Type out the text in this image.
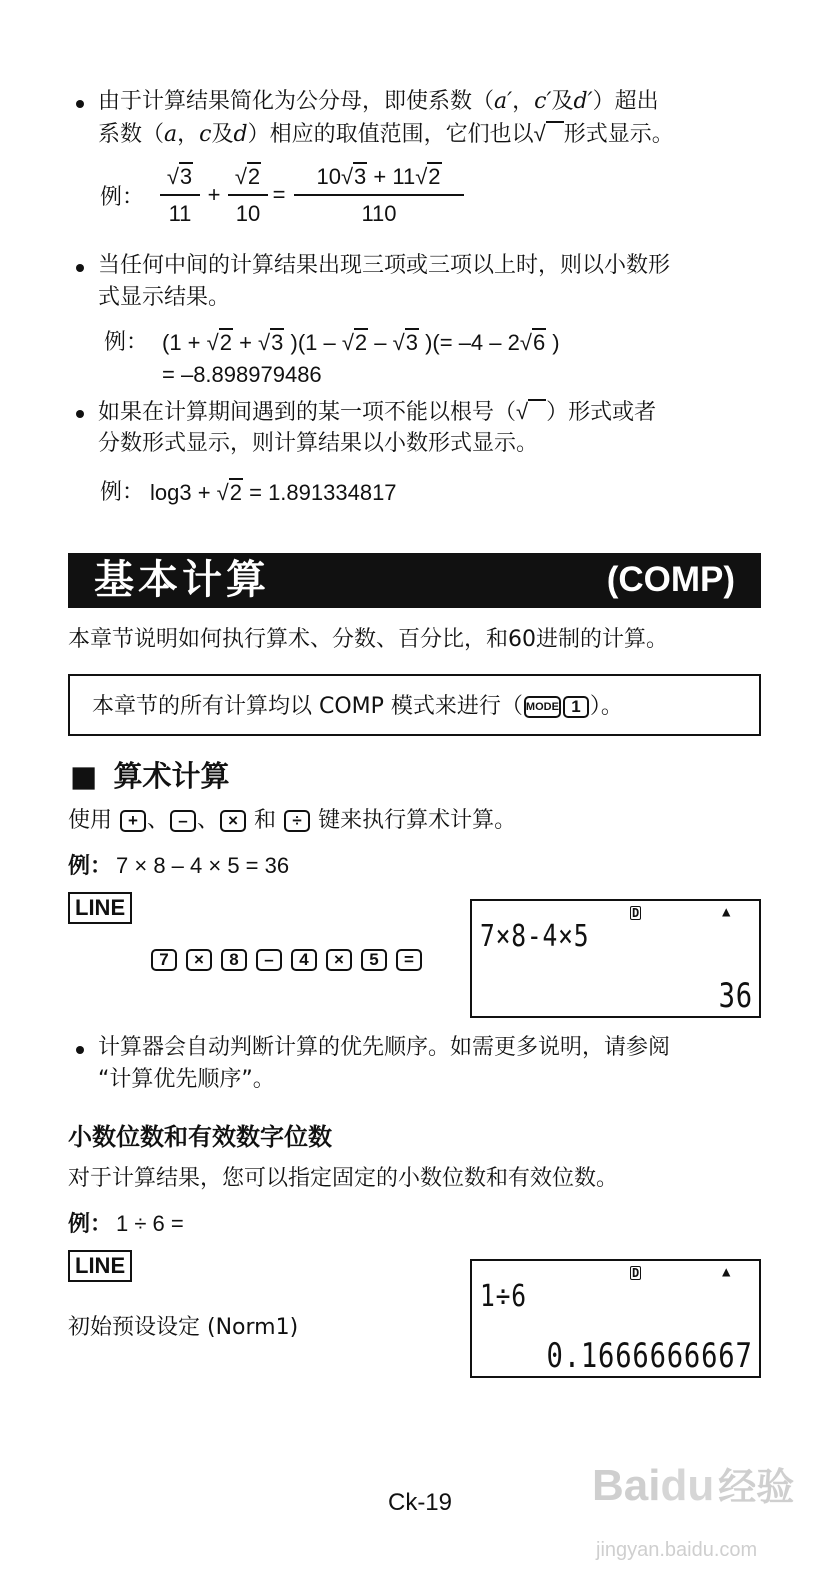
由于计算结果简化为公分母，即使系数（a′，c′及d′）超出
系数（a，c及d）相应的取值范围，它们也以√ 形式显示。
例：
√3
11
+
√2
10
=
10√3 + 11√2
110
当任何中间的计算结果出现三项或三项以上时，则以小数形
式显示结果。
例： (1 + √2 + √3 )(1 – √2 – √3 )(= –4 – 2√6 )
= –8.898979486
如果在计算期间遇到的某一项不能以根号（√ ）形式或者
分数形式显示，则计算结果以小数形式显示。
例： log3 + √2 = 1.891334817
基本计算	(COMP)
本章节说明如何执行算术、分数、百分比，和60进制的计算。
本章节的所有计算均以 COMP 模式来进行（ MODE 1 ）。
■ 算术计算
使用 + 、 – 、 × 和 ÷ 键来执行算术计算。
例： 7 × 8 – 4 × 5 = 36
LINE
7 × 8 – 4 × 5 =
D	▲
7×8-4×5
36
计算器会自动判断计算的优先顺序。如需更多说明，请参阅
“计算优先顺序”。
小数位数和有效数字位数
对于计算结果，您可以指定固定的小数位数和有效位数。
例： 1 ÷ 6 =
LINE
初始预设设定 (Norm1)
D	▲
1÷6
0.1666666667
Ck-19	Baidu 经验
jingyan.baidu.com
